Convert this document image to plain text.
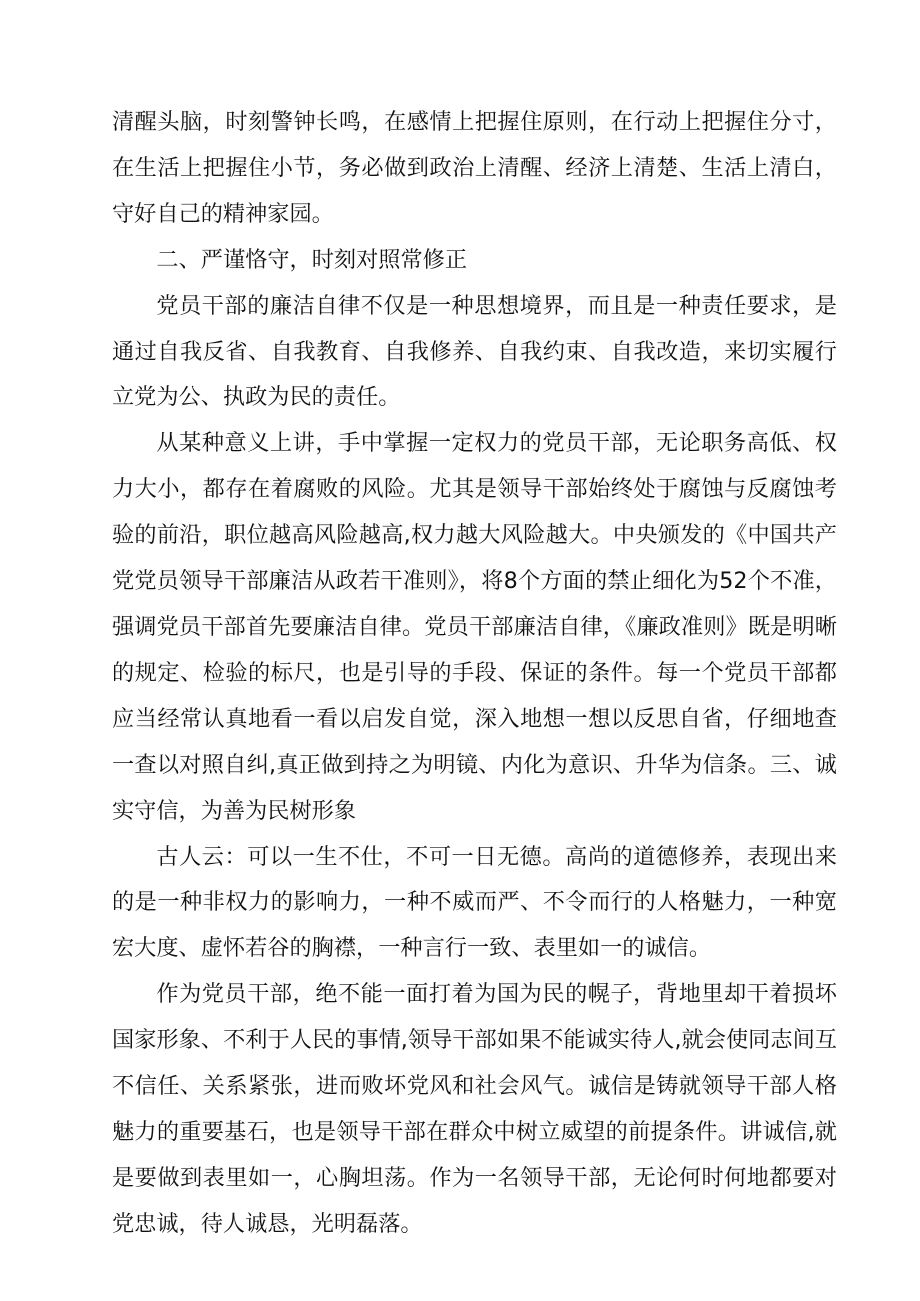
清醒头脑，时刻警钟长鸣，在感情上把握住原则，在行动上把握住分寸，在生活上把握住小节，务必做到政治上清醒、经济上清楚、生活上清白，守好自己的精神家园。

二、严谨恪守，时刻对照常修正

党员干部的廉洁自律不仅是一种思想境界，而且是一种责任要求，是通过自我反省、自我教育、自我修养、自我约束、自我改造，来切实履行立党为公、执政为民的责任。

从某种意义上讲，手中掌握一定权力的党员干部，无论职务高低、权力大小，都存在着腐败的风险。尤其是领导干部始终处于腐蚀与反腐蚀考验的前沿，职位越高风险越高,权力越大风险越大。中央颁发的《中国共产党党员领导干部廉洁从政若干准则》，将8个方面的禁止细化为52个不准，强调党员干部首先要廉洁自律。党员干部廉洁自律，《廉政准则》既是明晰的规定、检验的标尺，也是引导的手段、保证的条件。每一个党员干部都应当经常认真地看一看以启发自觉，深入地想一想以反思自省，仔细地查一查以对照自纠,真正做到持之为明镜、内化为意识、升华为信条。三、诚实守信，为善为民树形象

古人云：可以一生不仕，不可一日无德。高尚的道德修养，表现出来的是一种非权力的影响力，一种不威而严、不令而行的人格魅力，一种宽宏大度、虚怀若谷的胸襟，一种言行一致、表里如一的诚信。

作为党员干部，绝不能一面打着为国为民的幌子，背地里却干着损坏国家形象、不利于人民的事情,领导干部如果不能诚实待人,就会使同志间互不信任、关系紧张，进而败坏党风和社会风气。诚信是铸就领导干部人格魅力的重要基石，也是领导干部在群众中树立威望的前提条件。讲诚信,就是要做到表里如一，心胸坦荡。作为一名领导干部，无论何时何地都要对党忠诚，待人诚恳，光明磊落。
